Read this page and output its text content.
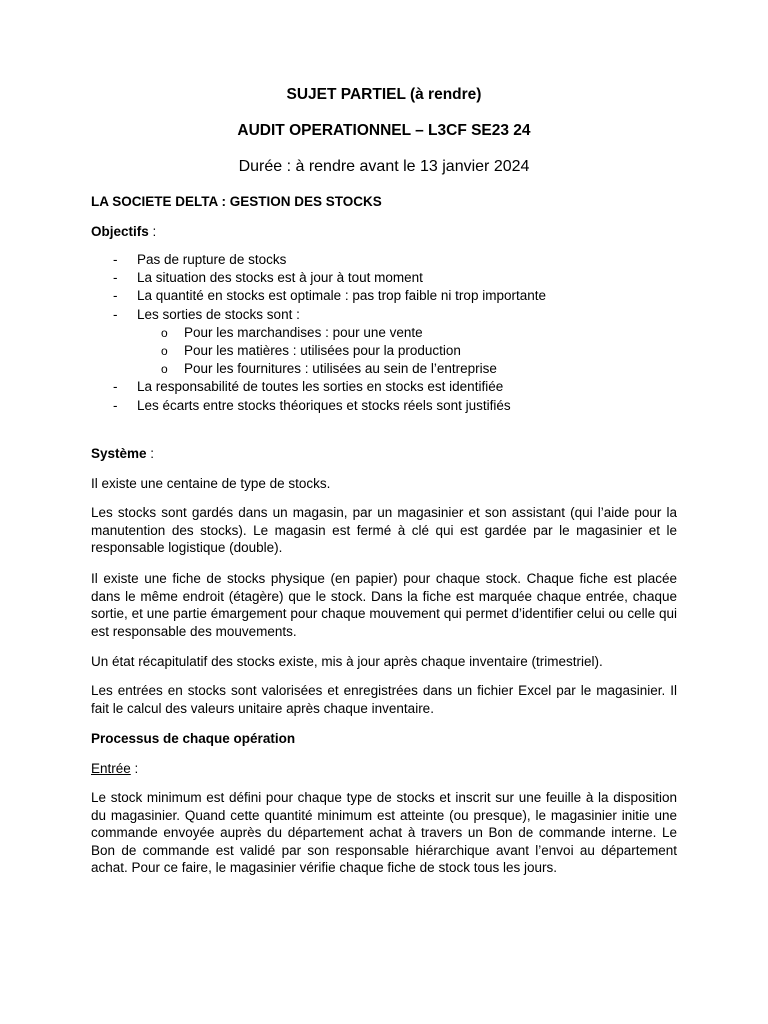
SUJET PARTIEL (à rendre)
AUDIT OPERATIONNEL – L3CF SE23 24
Durée : à rendre avant le 13 janvier 2024
LA SOCIETE DELTA : GESTION DES STOCKS
Objectifs :
- Pas de rupture de stocks
- La situation des stocks est à jour à tout moment
- La quantité en stocks est optimale : pas trop faible ni trop importante
- Les sorties de stocks sont :
o Pour les marchandises : pour une vente
o Pour les matières : utilisées pour la production
o Pour les fournitures : utilisées au sein de l’entreprise
- La responsabilité de toutes les sorties en stocks est identifiée
- Les écarts entre stocks théoriques et stocks réels sont justifiés
Système :
Il existe une centaine de type de stocks.
Les stocks sont gardés dans un magasin, par un magasinier et son assistant (qui l’aide pour la manutention des stocks). Le magasin est fermé à clé qui est gardée par le magasinier et le responsable logistique (double).
Il existe une fiche de stocks physique (en papier) pour chaque stock. Chaque fiche est placée dans le même endroit (étagère) que le stock. Dans la fiche est marquée chaque entrée, chaque sortie, et une partie émargement pour chaque mouvement qui permet d’identifier celui ou celle qui est responsable des mouvements.
Un état récapitulatif des stocks existe, mis à jour après chaque inventaire (trimestriel).
Les entrées en stocks sont valorisées et enregistrées dans un fichier Excel par le magasinier. Il fait le calcul des valeurs unitaire après chaque inventaire.
Processus de chaque opération
Entrée :
Le stock minimum est défini pour chaque type de stocks et inscrit sur une feuille à la disposition du magasinier. Quand cette quantité minimum est atteinte (ou presque), le magasinier initie une commande envoyée auprès du département achat à travers un Bon de commande interne. Le Bon de commande est validé par son responsable hiérarchique avant l’envoi au département achat. Pour ce faire, le magasinier vérifie chaque fiche de stock tous les jours.
